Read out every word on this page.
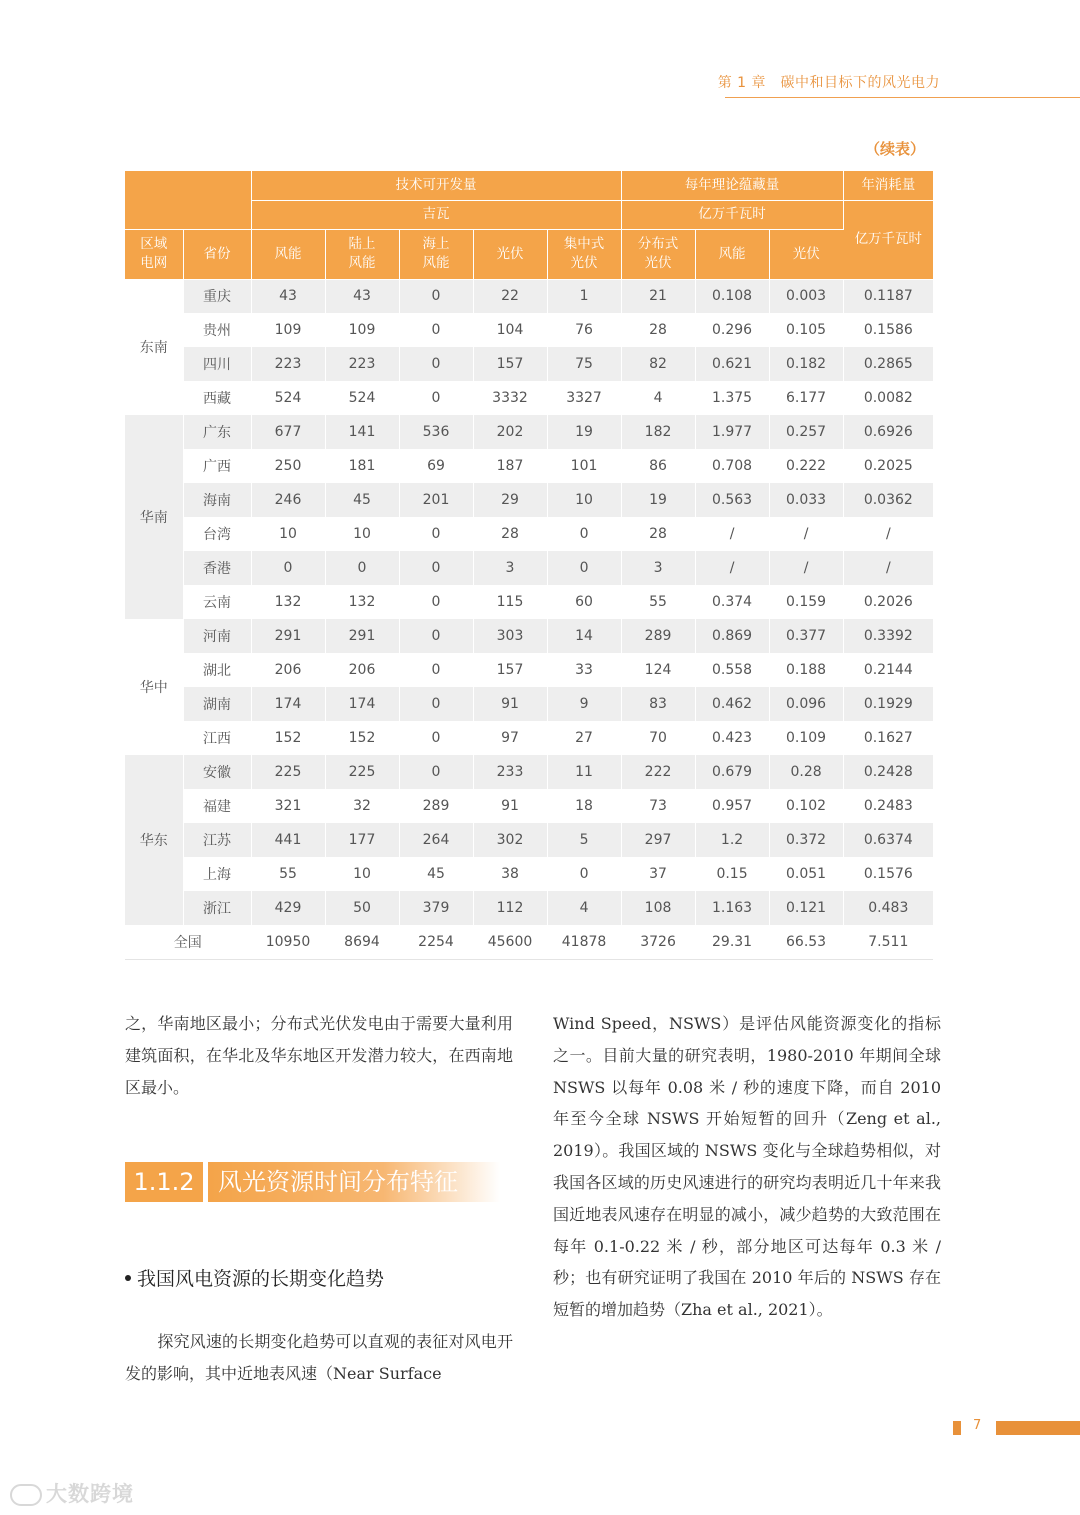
第 1 章　碳中和目标下的风光电力
（续表）
		技术可开发量					每年理论蕴藏量			年消耗量
		吉瓦					亿万千瓦时			亿万千瓦时

区域电网	省份	风能	陆上风能	海上风能	光伏	集中式光伏	分布式光伏	风能	光伏	
东南	重庆	43	43	0	22	1	21	0.108	0.003	0.1187
	贵州	109	109	0	104	76	28	0.296	0.105	0.1586
	四川	223	223	0	157	75	82	0.621	0.182	0.2865
	西藏	524	524	0	3332	3327	4	1.375	6.177	0.0082
华南	广东	677	141	536	202	19	182	1.977	0.257	0.6926
	广西	250	181	69	187	101	86	0.708	0.222	0.2025
	海南	246	45	201	29	10	19	0.563	0.033	0.0362
	台湾	10	10	0	28	0	28	/	/	/
	香港	0	0	0	3	0	3	/	/	/
	云南	132	132	0	115	60	55	0.374	0.159	0.2026
华中	河南	291	291	0	303	14	289	0.869	0.377	0.3392
	湖北	206	206	0	157	33	124	0.558	0.188	0.2144
	湖南	174	174	0	91	9	83	0.462	0.096	0.1929
	江西	152	152	0	97	27	70	0.423	0.109	0.1627
华东	安徽	225	225	0	233	11	222	0.679	0.28	0.2428
	福建	321	32	289	91	18	73	0.957	0.102	0.2483
	江苏	441	177	264	302	5	297	1.2	0.372	0.6374
	上海	55	10	45	38	0	37	0.15	0.051	0.1576
	浙江	429	50	379	112	4	108	1.163	0.121	0.483
全国		10950	8694	2254	45600	41878	3726	29.31	66.53	7.511
之，华南地区最小；分布式光伏发电由于需要大量利用建筑面积，在华北及华东地区开发潜力较大，在西南地区最小。
1.1.2 风光资源时间分布特征
我国风电资源的长期变化趋势
　　探究风速的长期变化趋势可以直观的表征对风电开发的影响，其中近地表风速（Near Surface
Wind Speed，NSWS）是评估风能资源变化的指标之一。目前大量的研究表明，1980-2010 年期间全球 NSWS 以每年 0.08 米 / 秒的速度下降，而自 2010 年至今全球 NSWS 开始短暂的回升（Zeng et al., 2019）。我国区域的 NSWS 变化与全球趋势相似，对我国各区域的历史风速进行的研究均表明近几十年来我国近地表风速存在明显的减小，减少趋势的大致范围在每年 0.1-0.22 米 / 秒，部分地区可达每年 0.3 米 / 秒；也有研究证明了我国在 2010 年后的 NSWS 存在短暂的增加趋势（Zha et al., 2021）。
7
大数跨境
